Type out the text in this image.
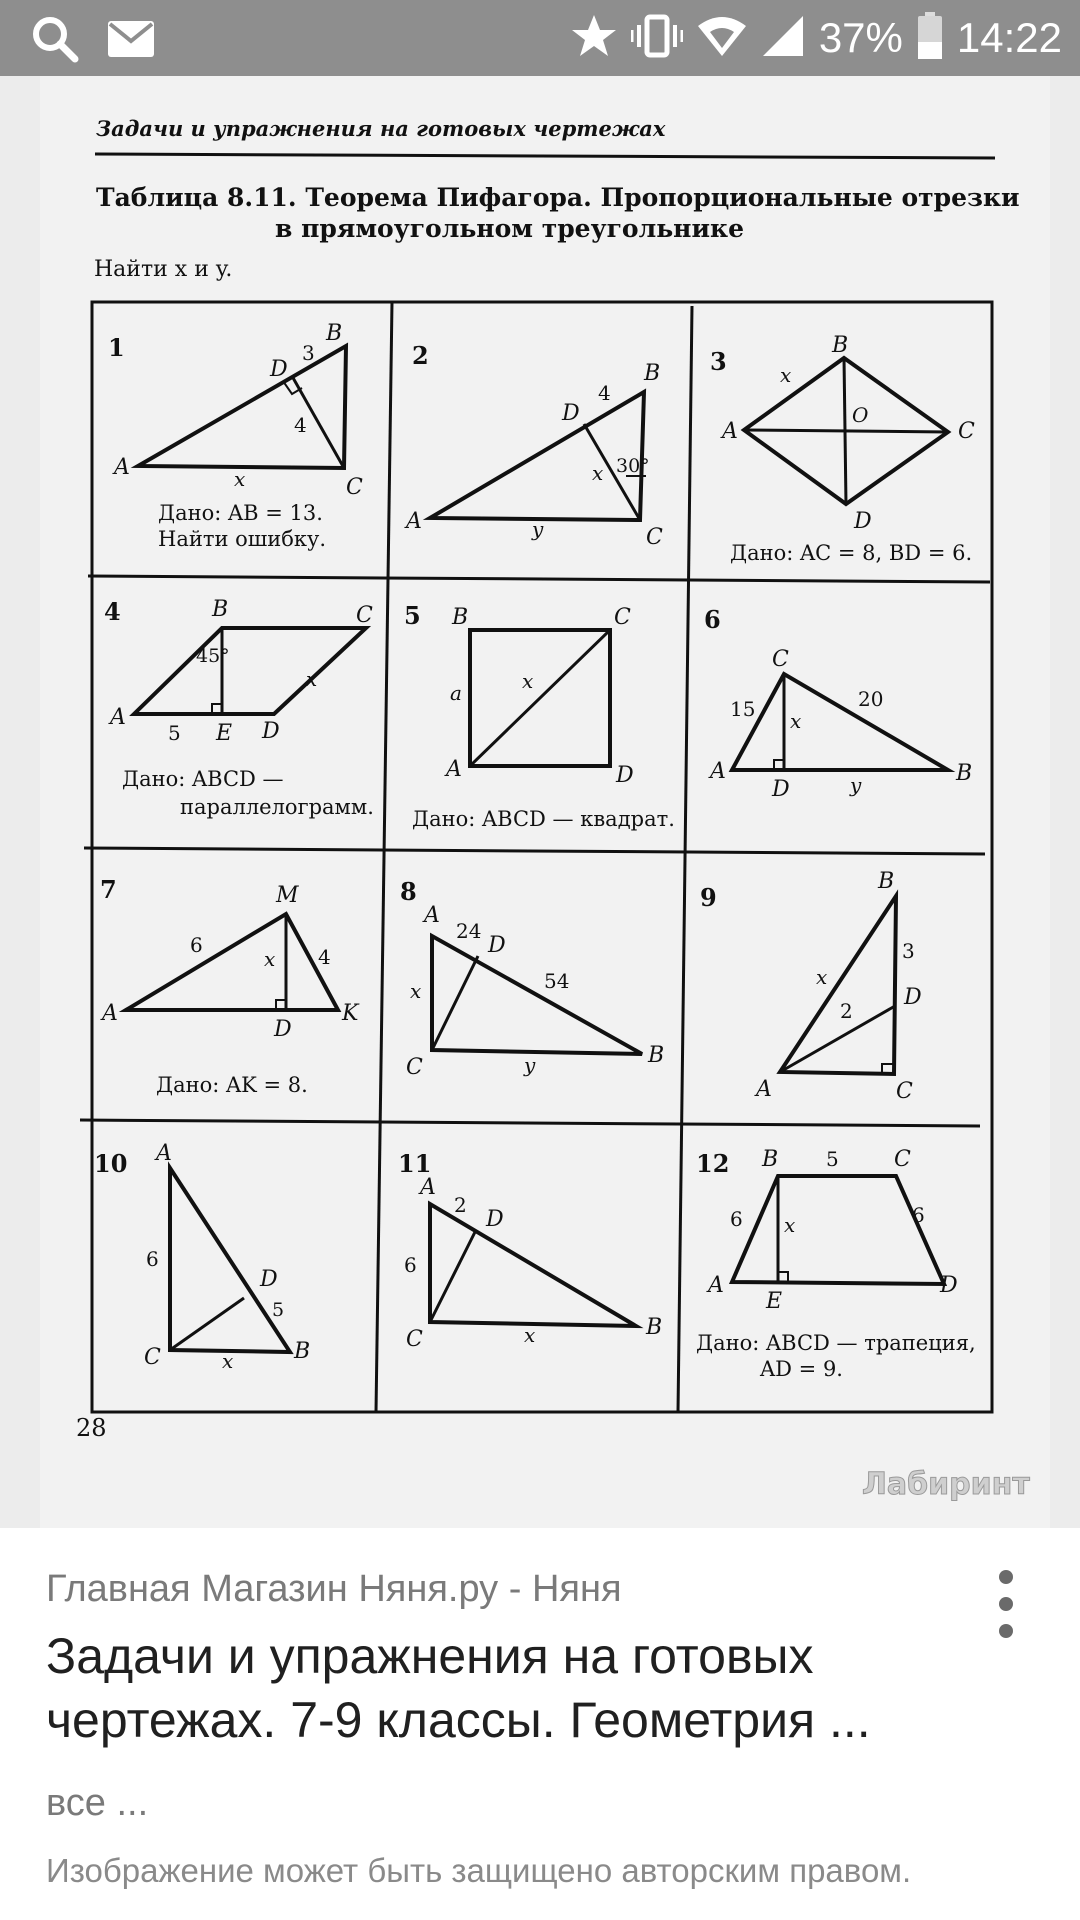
37% 14:22
Задачи и упражнения на готовых чертежах
Таблица 8.11. Теорема Пифагора. Пропорциональные отрезки
в прямоугольном треугольнике
Найти x и y.
1
A
B
C
D
3
4
x
Дано: AB = 13.
Найти ошибку.
2
A
B
C
D
4
x 30°
y
3
A
B
C
D
O
x
Дано: AC = 8, BD = 6.
4
A
B	C
D
E
45°
5
x
Дано: ABCD —
параллелограмм.
5
A
B	C
D
a	x
Дано: ABCD — квадрат.
6
A	B
C
D
15	20
x
y
7
A
M
K
D
6	4
x
Дано: AK = 8.
8
A
B
C
D
24
54
x
y
9
A
B
C
D
3
2
x
10 A
B
C
D
6
5
x
11
A
B
C
D
2
6
x
12
A
B	C
D
E
5
6	6
x
Дано: ABCD — трапеция,
AD = 9.
28
Лабиринт
Главная Магазин Няня.ру - Няня
Задачи и упражнения на готовых чертежах. 7-9 классы. Геометрия ...
все ...
Изображение может быть защищено авторским правом.
